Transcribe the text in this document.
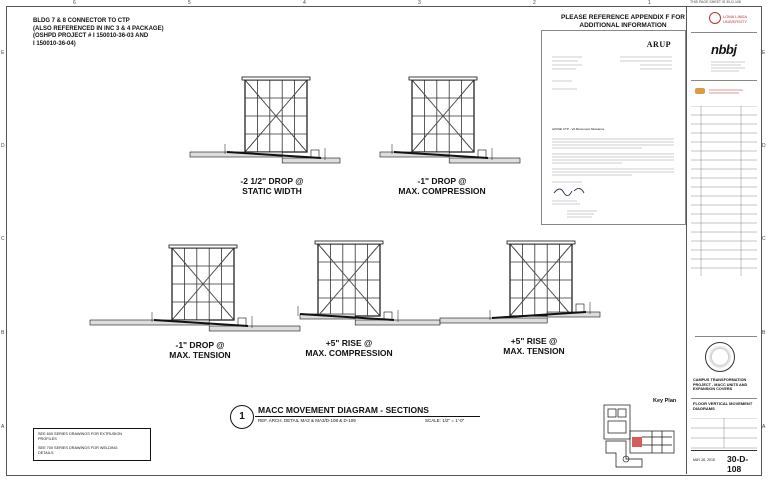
6	5	4	3	2	1
E
D
C
B
A
E
D
C
B
A
THIS PAGE SHEET IS 30-D-108
BLDG 7 & 8 CONNECTOR TO CTP
(ALSO REFERENCED IN INC 3 & 4 PACKAGE)
(OSHPD PROJECT # I 150010-36-03 AND
I 150010-36-04)
PLEASE REFERENCE APPENDIX F FOR
ADDITIONAL INFORMATION
ARUP
AZUSE CTP - VA Movement Allowance
-2 1/2" DROP @
STATIC WIDTH
-1" DROP @
MAX. COMPRESSION
-1" DROP @
MAX. TENSION
+5" RISE @
MAX. COMPRESSION
+5" RISE @
MAX. TENSION
1
MACC MOVEMENT DIAGRAM - SECTIONS
REF. ARCH. DETAIL MA2 & MA3/D-108 & D-109	SCALE: 1/2" = 1'-0"
SEE 600 SERIES DRAWINGS FOR EXTRUSION
PROFILES
SEE 700 SERIES DRAWINGS FOR WELDING
DETAILS
Key Plan
LOMA LINDA UNIVERSITY
nbbj
CAMPUS TRANSFORMATION PROJECT - MACC UNITS AND EXPANSION COVERS
FLOOR VERTICAL MOVEMENT DIAGRAMS
MAY 26, 2015 30-D-108
